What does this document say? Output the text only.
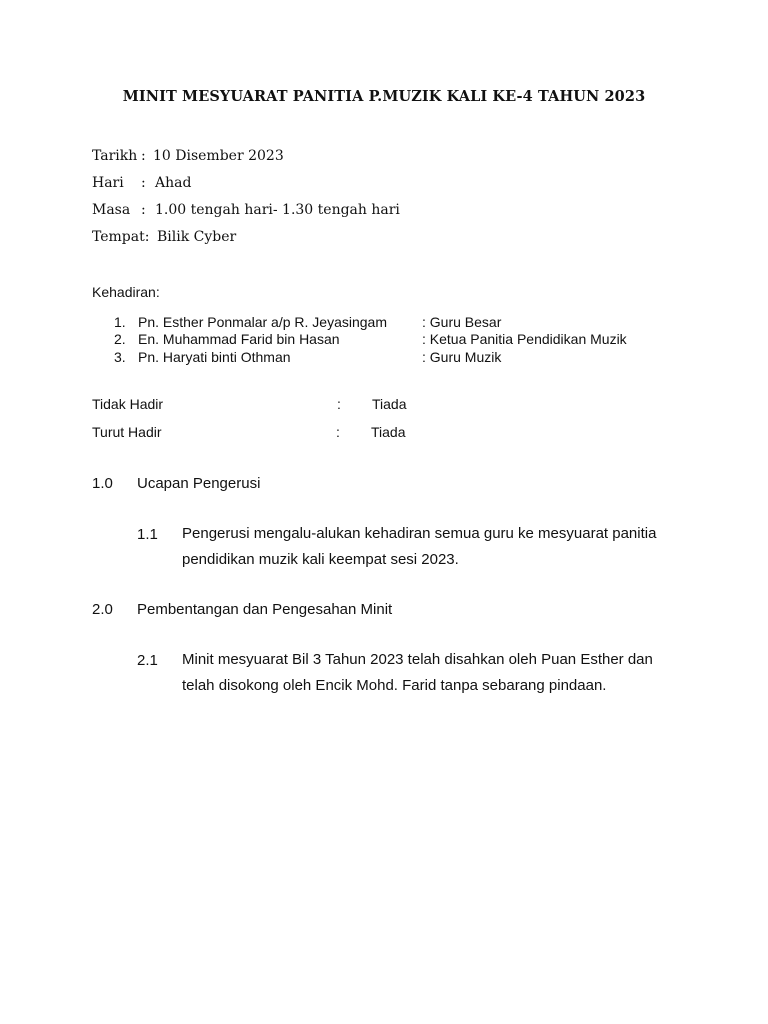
MINIT MESYUARAT PANITIA P.MUZIK KALI KE-4 TAHUN 2023
Tarikh : 10 Disember 2023
Hari : Ahad
Masa : 1.00 tengah hari- 1.30 tengah hari
Tempat: Bilik Cyber
Kehadiran:
1. Pn. Esther Ponmalar a/p R. Jeyasingam : Guru Besar
2. En. Muhammad Farid bin Hasan	: Ketua Panitia Pendidikan Muzik
3. Pn. Haryati binti Othman	: Guru Muzik
Tidak Hadir	: Tiada
Turut Hadir	: Tiada
1.0 Ucapan Pengerusi
1.1 Pengerusi mengalu-alukan kehadiran semua guru ke mesyuarat panitia pendidikan muzik kali keempat sesi 2023.
2.0 Pembentangan dan Pengesahan Minit
2.1 Minit mesyuarat Bil 3 Tahun 2023 telah disahkan oleh Puan Esther dan telah disokong oleh Encik Mohd. Farid tanpa sebarang pindaan.
